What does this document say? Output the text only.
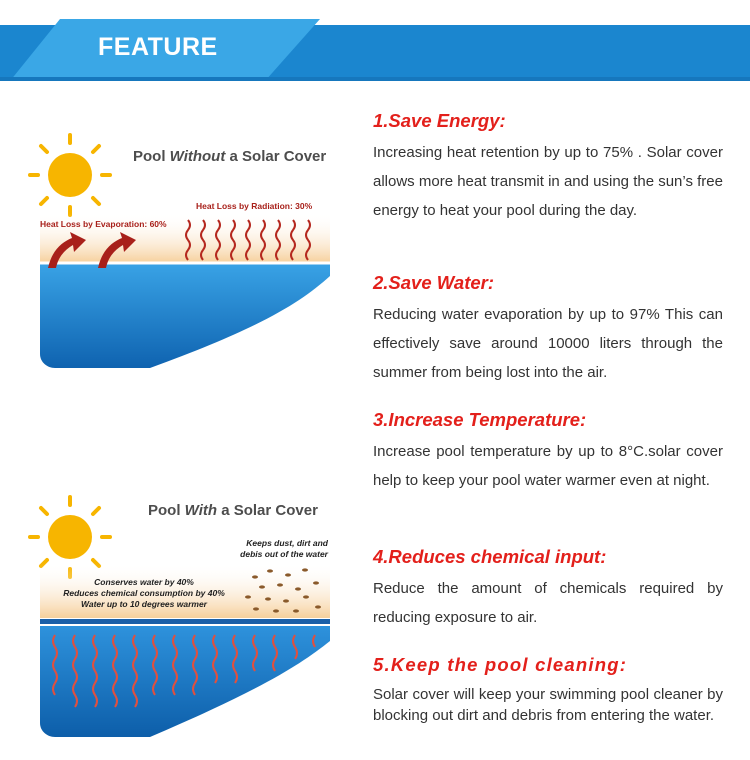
FEATURE
Pool Without a Solar Cover
Heat Loss by Evaporation: 60%
Heat Loss by Radiation: 30%
Pool With a Solar Cover
Keeps dust, dirt and
debis out of the water
Conserves water by 40%
Reduces chemical consumption by 40%
Water up to 10 degrees warmer
1.Save Energy:

Increasing heat retention by up to 75% . Solar cover allows more heat transmit in and using the sun’s free energy to heat your pool during the day.

2.Save Water:

Reducing water evaporation by up to 97% This can effectively save around 10000 liters through the summer from being lost into the air.

3.Increase Temperature:

Increase pool temperature by up to 8°C.solar cover help to keep your pool water warmer even at night.

4.Reduces chemical input:

Reduce the amount of chemicals required by reducing exposure to air.

5.Keep the pool cleaning:

Solar cover will keep your swimming pool cleaner by blocking out dirt and debris from entering the water.
